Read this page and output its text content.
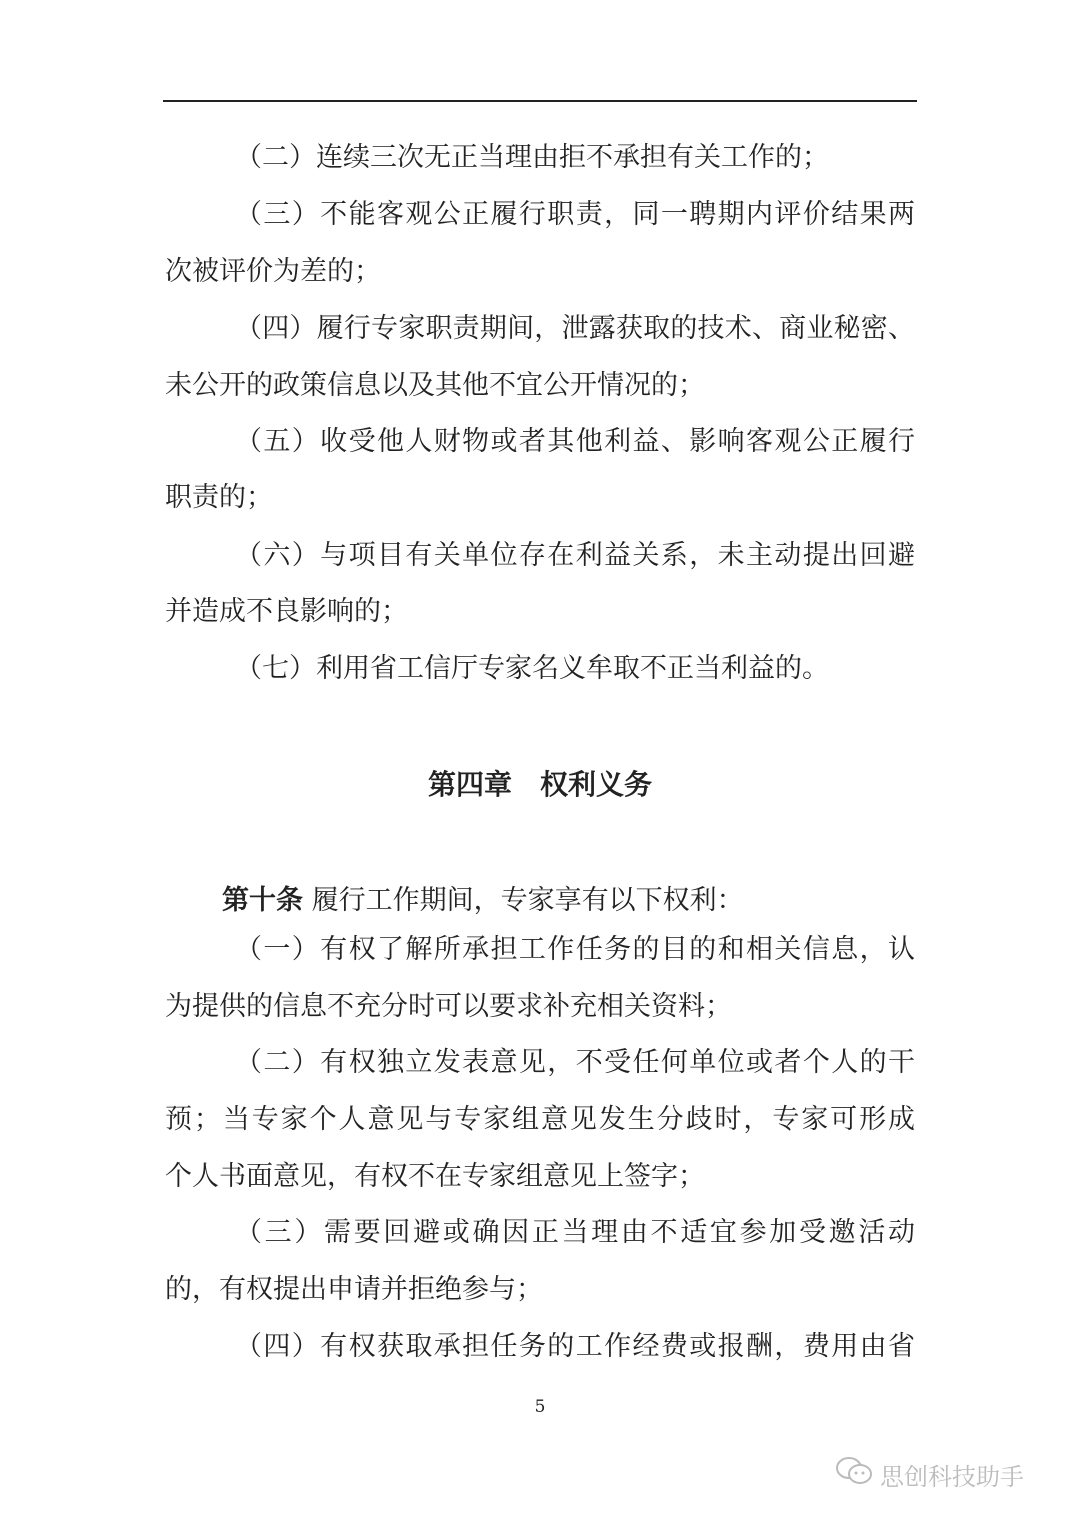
（二）连续三次无正当理由拒不承担有关工作的；
（三）不能客观公正履行职责，同一聘期内评价结果两
次被评价为差的；
（四）履行专家职责期间，泄露获取的技术、商业秘密、
未公开的政策信息以及其他不宜公开情况的；
（五）收受他人财物或者其他利益、影响客观公正履行
职责的；
（六）与项目有关单位存在利益关系，未主动提出回避
并造成不良影响的；
（七）利用省工信厅专家名义牟取不正当利益的。
第四章　权利义务
第十条 履行工作期间，专家享有以下权利：
（一）有权了解所承担工作任务的目的和相关信息，认
为提供的信息不充分时可以要求补充相关资料；
（二）有权独立发表意见，不受任何单位或者个人的干
预；当专家个人意见与专家组意见发生分歧时，专家可形成
个人书面意见，有权不在专家组意见上签字；
（三）需要回避或确因正当理由不适宜参加受邀活动
的，有权提出申请并拒绝参与；
（四）有权获取承担任务的工作经费或报酬，费用由省
5
思创科技助手
